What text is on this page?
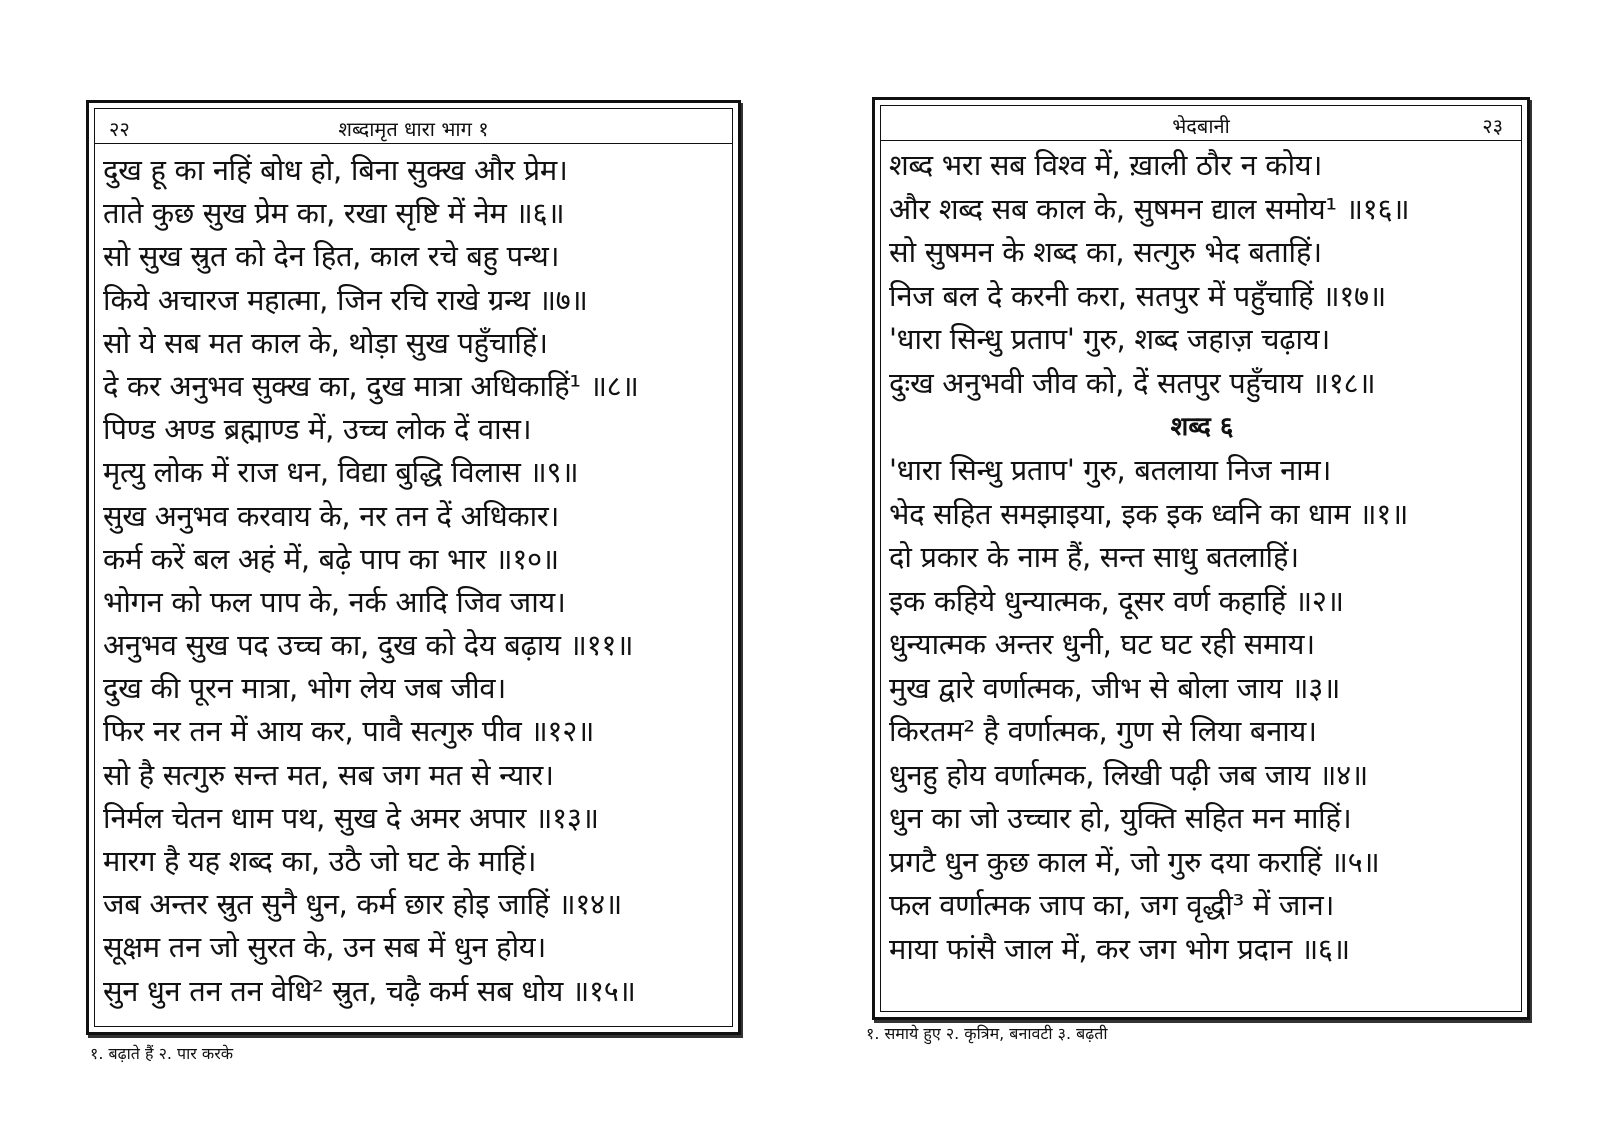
२२	शब्दामृत धारा भाग १
दुख हू का नहिं बोध हो, बिना सुक्ख और प्रेम।
ताते कुछ सुख प्रेम का, रखा सृष्टि में नेम ॥६॥
सो सुख स्रुत को देन हित, काल रचे बहु पन्थ।
किये अचारज महात्मा, जिन रचि राखे ग्रन्थ ॥७॥
सो ये सब मत काल के, थोड़ा सुख पहुँचाहिं।
दे कर अनुभव सुक्ख का, दुख मात्रा अधिकाहिं¹ ॥८॥
पिण्ड अण्ड ब्रह्माण्ड में, उच्च लोक दें वास।
मृत्यु लोक में राज धन, विद्या बुद्धि विलास ॥९॥
सुख अनुभव करवाय के, नर तन दें अधिकार।
कर्म करें बल अहं में, बढ़े पाप का भार ॥१०॥
भोगन को फल पाप के, नर्क आदि जिव जाय।
अनुभव सुख पद उच्च का, दुख को देय बढ़ाय ॥११॥
दुख की पूरन मात्रा, भोग लेय जब जीव।
फिर नर तन में आय कर, पावै सत्गुरु पीव ॥१२॥
सो है सत्गुरु सन्त मत, सब जग मत से न्यार।
निर्मल चेतन धाम पथ, सुख दे अमर अपार ॥१३॥
मारग है यह शब्द का, उठै जो घट के माहिं।
जब अन्तर स्रुत सुनै धुन, कर्म छार होइ जाहिं ॥१४॥
सूक्षम तन जो सुरत के, उन सब में धुन होय।
सुन धुन तन तन वेधि² स्रुत, चढ़ै कर्म सब धोय ॥१५॥
१. बढ़ाते हैं २. पार करके
भेदबानी	२३
शब्द भरा सब विश्व में, ख़ाली ठौर न कोय।
और शब्द सब काल के, सुषमन द्याल समोय¹ ॥१६॥
सो सुषमन के शब्द का, सत्गुरु भेद बताहिं।
निज बल दे करनी करा, सतपुर में पहुँचाहिं ॥१७॥
'धारा सिन्धु प्रताप' गुरु, शब्द जहाज़ चढ़ाय।
दुःख अनुभवी जीव को, दें सतपुर पहुँचाय ॥१८॥
शब्द ६
'धारा सिन्धु प्रताप' गुरु, बतलाया निज नाम।
भेद सहित समझाइया, इक इक ध्वनि का धाम ॥१॥
दो प्रकार के नाम हैं, सन्त साधु बतलाहिं।
इक कहिये धुन्यात्मक, दूसर वर्ण कहाहिं ॥२॥
धुन्यात्मक अन्तर धुनी, घट घट रही समाय।
मुख द्वारे वर्णात्मक, जीभ से बोला जाय ॥३॥
किरतम² है वर्णात्मक, गुण से लिया बनाय।
धुनहु होय वर्णात्मक, लिखी पढ़ी जब जाय ॥४॥
धुन का जो उच्चार हो, युक्ति सहित मन माहिं।
प्रगटै धुन कुछ काल में, जो गुरु दया कराहिं ॥५॥
फल वर्णात्मक जाप का, जग वृद्धी³ में जान।
माया फांसै जाल में, कर जग भोग प्रदान ॥६॥
१. समाये हुए २. कृत्रिम, बनावटी ३. बढ़ती
